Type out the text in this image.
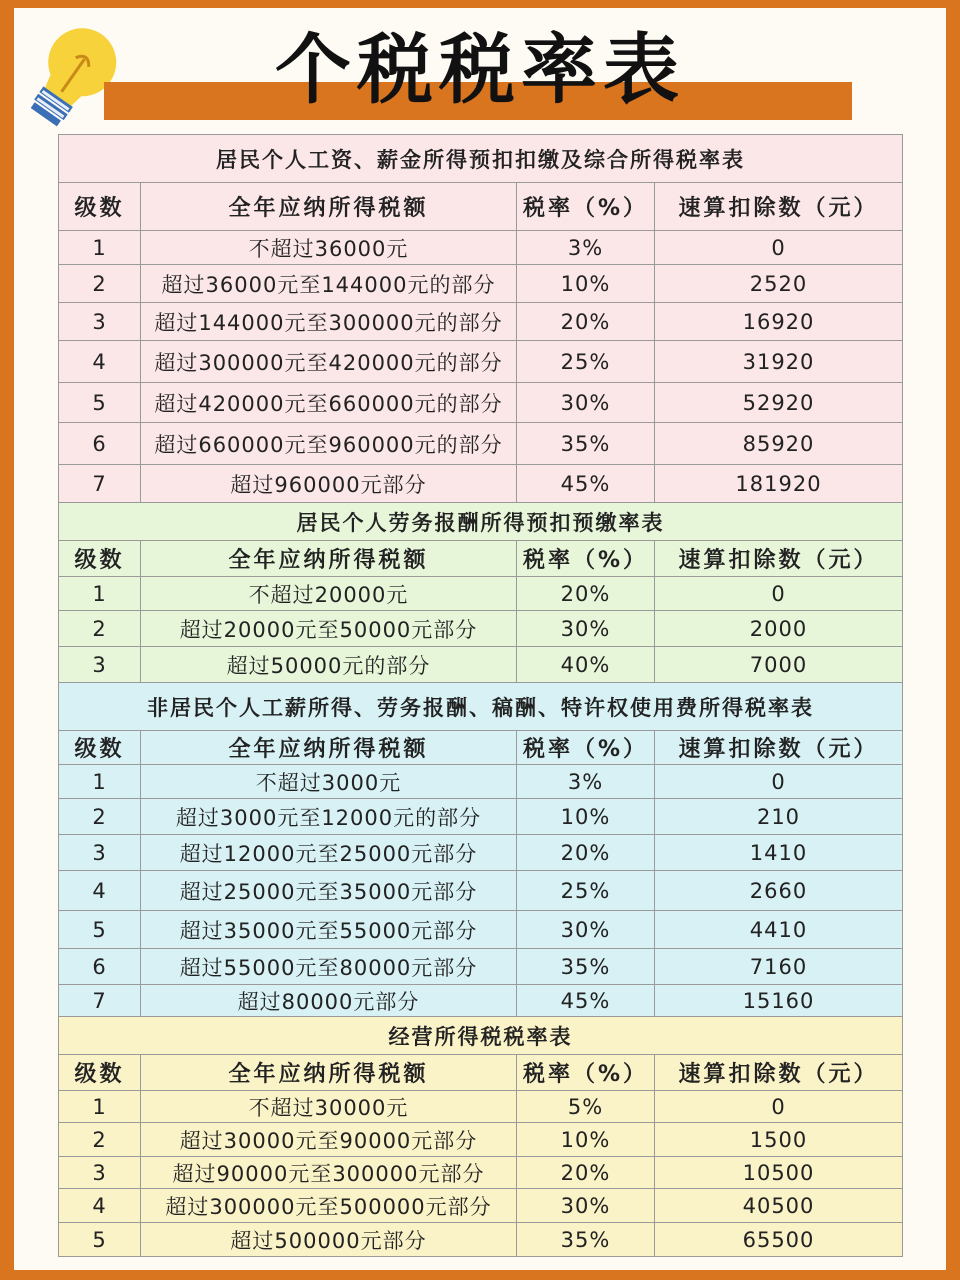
个税税率表
居民个人工资、薪金所得预扣扣缴及综合所得税率表			
级数	全年应纳所得税额	税率（%）	速算扣除数（元）
1	不超过36000元	3%	0
2	超过36000元至144000元的部分	10%	2520
3	超过144000元至300000元的部分	20%	16920
4	超过300000元至420000元的部分	25%	31920
5	超过420000元至660000元的部分	30%	52920
6	超过660000元至960000元的部分	35%	85920
7	超过960000元部分	45%	181920
居民个人劳务报酬所得预扣预缴率表			
级数	全年应纳所得税额	税率（%）	速算扣除数（元）
1	不超过20000元	20%	0
2	超过20000元至50000元部分	30%	2000
3	超过50000元的部分	40%	7000
非居民个人工薪所得、劳务报酬、稿酬、特许权使用费所得税率表			
级数	全年应纳所得税额	税率（%）	速算扣除数（元）
1	不超过3000元	3%	0
2	超过3000元至12000元的部分	10%	210
3	超过12000元至25000元部分	20%	1410
4	超过25000元至35000元部分	25%	2660
5	超过35000元至55000元部分	30%	4410
6	超过55000元至80000元部分	35%	7160
7	超过80000元部分	45%	15160
经营所得税税率表			
级数	全年应纳所得税额	税率（%）	速算扣除数（元）
1	不超过30000元	5%	0
2	超过30000元至90000元部分	10%	1500
3	超过90000元至300000元部分	20%	10500
4	超过300000元至500000元部分	30%	40500
5	超过500000元部分	35%	65500
